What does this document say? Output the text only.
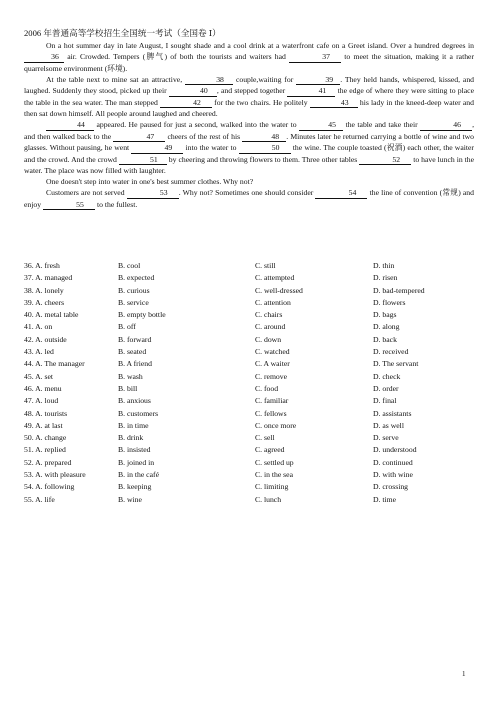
2006 年普通高等学校招生全国统一考试（全国卷 Ⅰ）

On a hot summer day in late August, I sought shade and a cool drink at a waterfront cafe on a Greet island. Over a hundred degrees in 36 air. Crowded. Tempers (脾气) of both the tourists and waiters had	37 to meet the situation, making it a rather quarrelsome environment (环境).

At the table next to mine sat an attractive,	38 couple,waiting for	39 . They held hands, whispered, kissed, and laughed. Suddenly they stood, picked up their	40 , and stepped together	41 the edge of where they were sitting to place the table in the sea water. The man stepped	42 for the two chairs. He politely	43 his lady in the kneed-deep water and then sat down himself. All people around laughed and cheered.

44 appeared. He paused for just a second, walked into the water to	45 the table and take their	46 , and then walked back to the	47 cheers of the rest of his	48 . Minutes later he returned carrying a bottle of wine and two glasses. Without pausing, he went	49 into the water to	50 the wine. The couple toasted (祝酒) each other, the waiter and the crowd. And the crowd	51 by cheering and throwing flowers to them. Three other tables	52 to have lunch in the water. The place was now filled with laughter.

One doesn't step into water in one's best summer clothes. Why not?

Customers are not served	53 . Why not? Sometimes one should consider	54 the line of convention (常规) and enjoy	55 to the fullest.

36. A. fresh	B. cool	C. still	D. thin
37. A. managed	B. expected	C. attempted	D. risen
38. A. lonely	B. curious	C. well-dressed	D. bad-tempered
39. A. cheers	B. service	C. attention	D. flowers
40. A. metal table	B. empty bottle	C. chairs	D. bags
41. A. on	B. off	C. around	D. along
42. A. outside	B. forward	C. down	D. back
43. A. led	B. seated	C. watched	D. received
44. A. The manager	B. A friend	C. A waiter	D. The servant
45. A. set	B. wash	C. remove	D. check
46. A. menu	B. bill	C. food	D. order
47. A. loud	B. anxious	C. familiar	D. final
48. A. tourists	B. customers	C. fellows	D. assistants
49. A. at last	B. in time	C. once more	D. as well
50. A. change	B. drink	C. sell	D. serve
51. A. replied	B. insisted	C. agreed	D. understood
52. A. prepared	B. joined in	C. settled up	D. continued
53. A. with pleasure	B. in the café	C. in the sea	D. with wine
54. A. following	B. keeping	C. limiting	D. crossing
55. A. life	B. wine	C. lunch	D. time
1
